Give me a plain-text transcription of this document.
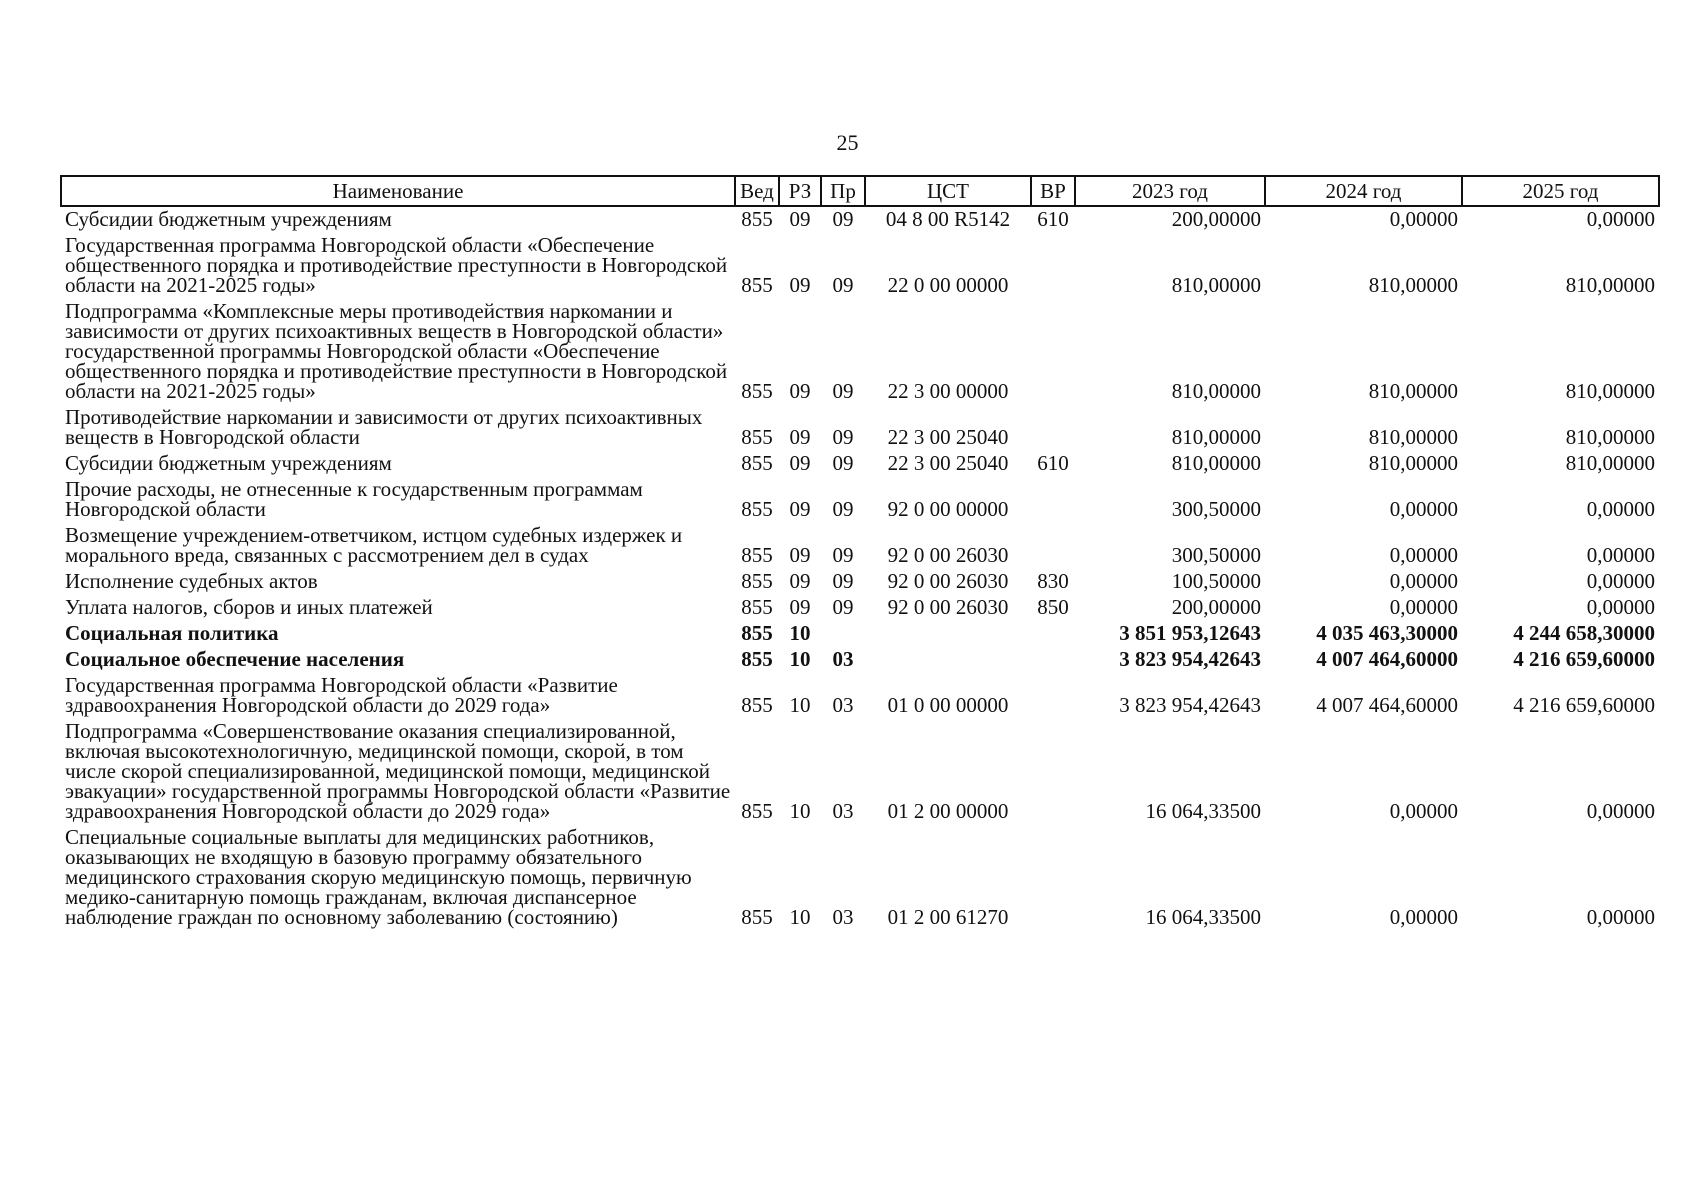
25
Наименование	Вед	РЗ	Пр	ЦСТ	ВР	2023 год	2024 год	2025 год
Субсидии бюджетным учреждениям	855	09	09	04 8 00 R5142	610	200,00000	0,00000	0,00000
Государственная программа Новгородской области «Обеспечение общественного порядка и противодействие преступности в Новгородской области на 2021-2025 годы»	855	09	09	22 0 00 00000		810,00000	810,00000	810,00000
Подпрограмма «Комплексные меры противодействия наркомании и зависимости от других психоактивных веществ в Новгородской области» государственной программы Новгородской области «Обеспечение общественного порядка и противодействие преступности в Новгородской области на 2021-2025 годы»	855	09	09	22 3 00 00000		810,00000	810,00000	810,00000
Противодействие наркомании и зависимости от других психоактивных веществ в Новгородской области	855	09	09	22 3 00 25040		810,00000	810,00000	810,00000
Субсидии бюджетным учреждениям	855	09	09	22 3 00 25040	610	810,00000	810,00000	810,00000
Прочие расходы, не отнесенные к государственным программам Новгородской области	855	09	09	92 0 00 00000		300,50000	0,00000	0,00000
Возмещение учреждением-ответчиком, истцом судебных издержек и морального вреда, связанных с рассмотрением дел в судах	855	09	09	92 0 00 26030		300,50000	0,00000	0,00000
Исполнение судебных актов	855	09	09	92 0 00 26030	830	100,50000	0,00000	0,00000
Уплата налогов, сборов и иных платежей	855	09	09	92 0 00 26030	850	200,00000	0,00000	0,00000
Социальная политика	855	10				3 851 953,12643	4 035 463,30000	4 244 658,30000
Социальное обеспечение населения	855	10	03			3 823 954,42643	4 007 464,60000	4 216 659,60000
Государственная программа Новгородской области «Развитие здравоохранения Новгородской области до 2029 года»	855	10	03	01 0 00 00000		3 823 954,42643	4 007 464,60000	4 216 659,60000
Подпрограмма «Совершенствование оказания специализированной, включая высокотехнологичную, медицинской помощи, скорой, в том числе скорой специализированной, медицинской помощи, медицинской эвакуации» государственной программы Новгородской области «Развитие здравоохранения Новгородской области до 2029 года»	855	10	03	01 2 00 00000		16 064,33500	0,00000	0,00000
Специальные социальные выплаты для медицинских работников, оказывающих не входящую в базовую программу обязательного медицинского страхования скорую медицинскую помощь, первичную медико-санитарную помощь гражданам, включая диспансерное наблюдение граждан по основному заболеванию (состоянию)	855	10	03	01 2 00 61270		16 064,33500	0,00000	0,00000
